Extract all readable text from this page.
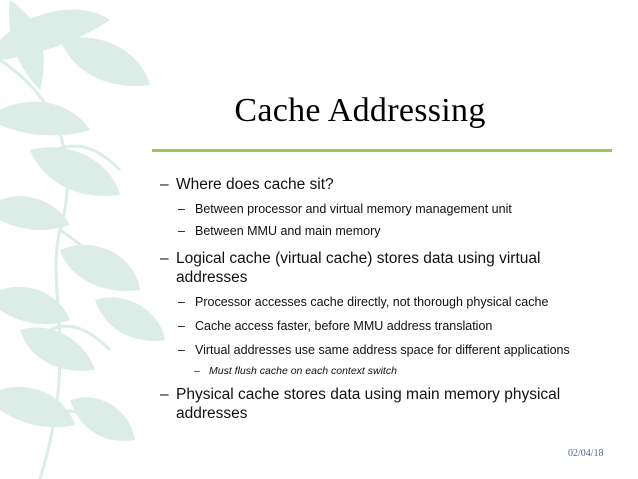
Cache Addressing
– Where does cache sit?
– Between processor and virtual memory management unit
– Between MMU and main memory
– Logical cache (virtual cache) stores data using virtual
addresses
– Processor accesses cache directly, not thorough physical cache
– Cache access faster, before MMU address translation
– Virtual addresses use same address space for different applications
– Must flush cache on each context switch
– Physical cache stores data using main memory physical
addresses
02/04/18
